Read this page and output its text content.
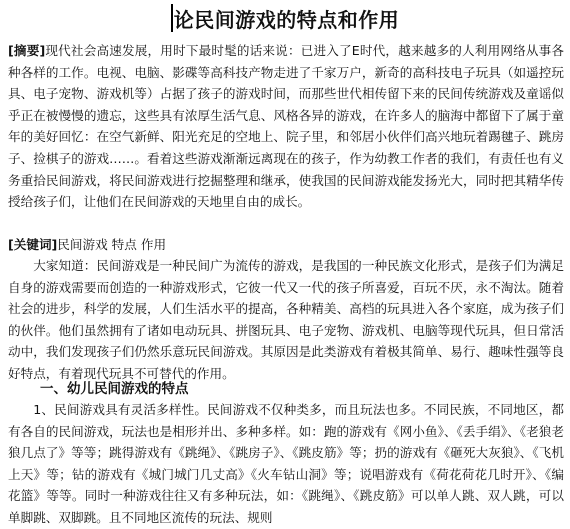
论民间游戏的特点和作用
[摘要]现代社会高速发展，用时下最时髦的话来说：已进入了E时代，越来越多的人利用网络从事各种各样的工作。电视、电脑、影碟等高科技产物走进了千家万户，新奇的高科技电子玩具（如遥控玩具、电子宠物、游戏机等）占据了孩子的游戏时间，而那些世代相传留下来的民间传统游戏及童谣似乎正在被慢慢的遗忘，这些具有浓厚生活气息、风格各异的游戏，在许多人的脑海中都留下了属于童年的美好回忆：在空气新鲜、阳光充足的空地上、院子里，和邻居小伙伴们高兴地玩着踢毽子、跳房子、捡棋子的游戏……。看着这些游戏渐渐远离现在的孩子，作为幼教工作者的我们，有责任也有义务重拾民间游戏，将民间游戏进行挖掘整理和继承，使我国的民间游戏能发扬光大，同时把其精华传授给孩子们，让他们在民间游戏的天地里自由的成长。
[关键词]民间游戏 特点 作用
大家知道：民间游戏是一种民间广为流传的游戏，是我国的一种民族文化形式，是孩子们为满足自身的游戏需要而创造的一种游戏形式，它彼一代又一代的孩子所喜爱，百玩不厌，永不淘汰。随着社会的进步，科学的发展，人们生活水平的提高，各种精美、高档的玩具进入各个家庭，成为孩子们的伙伴。他们虽然拥有了诸如电动玩具、拼图玩具、电子宠物、游戏机、电脑等现代玩具，但日常活动中，我们发现孩子们仍然乐意玩民间游戏。其原因是此类游戏有着极其简单、易行、趣味性强等良好特点，有着现代玩具不可替代的作用。
一、幼儿民间游戏的特点
1、民间游戏具有灵活多样性。民间游戏不仅种类多，而且玩法也多。不同民族，不同地区，都有各自的民间游戏，玩法也是相形并出、多种多样。如：跑的游戏有《网小鱼》、《丢手绢》、《老狼老狼几点了》等等；跳得游戏有《跳绳》、《跳房子》、《跳皮筋》等；扔的游戏有《砸死大灰狼》、《飞机上天》等；钻的游戏有《城门城门几丈高》《火车钻山洞》等；说唱游戏有《荷花荷花几时开》、《编花篮》等等。同时一种游戏往往又有多种玩法，如：《跳绳》、《跳皮筋》可以单人跳、双人跳，可以单脚跳、双脚跳。且不同地区流传的玩法、规则
